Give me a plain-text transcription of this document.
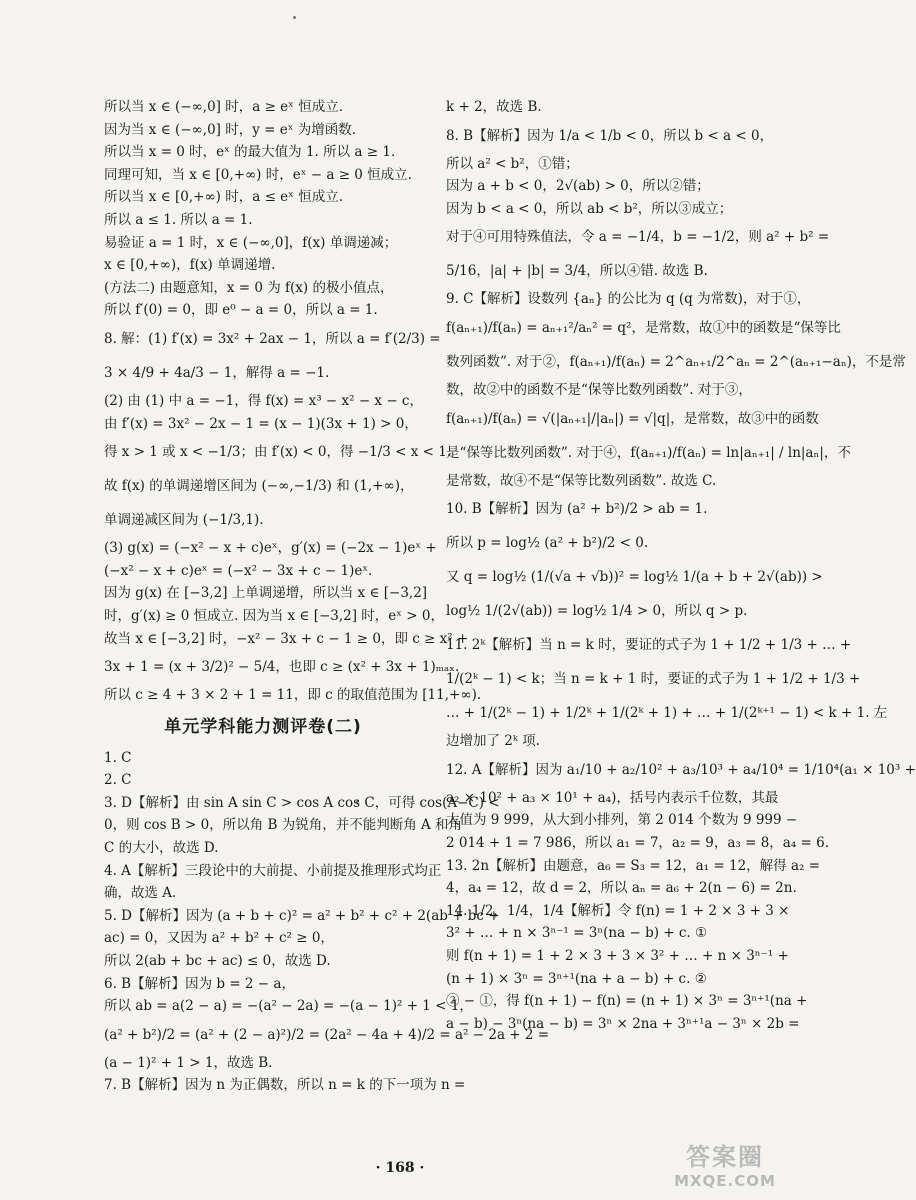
所以当 x ∈ (−∞,0] 时，a ≥ eˣ 恒成立.
因为当 x ∈ (−∞,0] 时，y = eˣ 为增函数.
所以当 x = 0 时，eˣ 的最大值为 1. 所以 a ≥ 1.
同理可知，当 x ∈ [0,+∞) 时，eˣ − a ≥ 0 恒成立.
所以当 x ∈ [0,+∞) 时，a ≤ eˣ 恒成立.
所以 a ≤ 1. 所以 a = 1.
易验证 a = 1 时，x ∈ (−∞,0]，f(x) 单调递减；
x ∈ [0,+∞)，f(x) 单调递增.
(方法二) 由题意知，x = 0 为 f(x) 的极小值点，
所以 f′(0) = 0，即 e⁰ − a = 0，所以 a = 1.
8. 解：(1) f′(x) = 3x² + 2ax − 1，所以 a = f′(2/3) =
3 × 4/9 + 4a/3 − 1，解得 a = −1.
(2) 由 (1) 中 a = −1，得 f(x) = x³ − x² − x − c，
由 f′(x) = 3x² − 2x − 1 = (x − 1)(3x + 1) > 0，
得 x > 1 或 x < −1/3；由 f′(x) < 0，得 −1/3 < x < 1.
故 f(x) 的单调递增区间为 (−∞,−1/3) 和 (1,+∞)，
单调递减区间为 (−1/3,1).
(3) g(x) = (−x² − x + c)eˣ，g′(x) = (−2x − 1)eˣ +
(−x² − x + c)eˣ = (−x² − 3x + c − 1)eˣ.
因为 g(x) 在 [−3,2] 上单调递增，所以当 x ∈ [−3,2]
时，g′(x) ≥ 0 恒成立. 因为当 x ∈ [−3,2] 时，eˣ > 0，
故当 x ∈ [−3,2] 时，−x² − 3x + c − 1 ≥ 0，即 c ≥ x² +
3x + 1 = (x + 3/2)² − 5/4，也即 c ≥ (x² + 3x + 1)ₘₐₓ.
所以 c ≥ 4 + 3 × 2 + 1 = 11，即 c 的取值范围为 [11,+∞).
单元学科能力测评卷(二)
1. C
2. C
3. D【解析】由 sin A sin C > cos A cos C，可得 cos(A−C) <
0，则 cos B > 0，所以角 B 为锐角，并不能判断角 A 和角
C 的大小，故选 D.
4. A【解析】三段论中的大前提、小前提及推理形式均正
确，故选 A.
5. D【解析】因为 (a + b + c)² = a² + b² + c² + 2(ab + bc +
ac) = 0，又因为 a² + b² + c² ≥ 0，
所以 2(ab + bc + ac) ≤ 0，故选 D.
6. B【解析】因为 b = 2 − a，
所以 ab = a(2 − a) = −(a² − 2a) = −(a − 1)² + 1 < 1，
(a² + b²)/2 = (a² + (2 − a)²)/2 = (2a² − 4a + 4)/2 = a² − 2a + 2 =
(a − 1)² + 1 > 1，故选 B.
7. B【解析】因为 n 为正偶数，所以 n = k 的下一项为 n =
k + 2，故选 B.
8. B【解析】因为 1/a < 1/b < 0，所以 b < a < 0，
所以 a² < b²，①错；
因为 a + b < 0，2√(ab) > 0，所以②错；
因为 b < a < 0，所以 ab < b²，所以③成立；
对于④可用特殊值法，令 a = −1/4，b = −1/2，则 a² + b² =
5/16，|a| + |b| = 3/4，所以④错. 故选 B.
9. C【解析】设数列 {aₙ} 的公比为 q (q 为常数)，对于①，
f(aₙ₊₁)/f(aₙ) = aₙ₊₁²/aₙ² = q²，是常数，故①中的函数是“保等比
数列函数”. 对于②，f(aₙ₊₁)/f(aₙ) = 2^aₙ₊₁/2^aₙ = 2^(aₙ₊₁−aₙ)，不是常
数，故②中的函数不是“保等比数列函数”. 对于③，
f(aₙ₊₁)/f(aₙ) = √(|aₙ₊₁|/|aₙ|) = √|q|，是常数，故③中的函数
是“保等比数列函数”. 对于④，f(aₙ₊₁)/f(aₙ) = ln|aₙ₊₁| / ln|aₙ|，不
是常数，故④不是“保等比数列函数”. 故选 C.
10. B【解析】因为 (a² + b²)/2 > ab = 1.
所以 p = log½ (a² + b²)/2 < 0.
又 q = log½ (1/(√a + √b))² = log½ 1/(a + b + 2√(ab)) >
log½ 1/(2√(ab)) = log½ 1/4 > 0，所以 q > p.
11. 2ᵏ【解析】当 n = k 时，要证的式子为 1 + 1/2 + 1/3 + … +
1/(2ᵏ − 1) < k；当 n = k + 1 时，要证的式子为 1 + 1/2 + 1/3 +
… + 1/(2ᵏ − 1) + 1/2ᵏ + 1/(2ᵏ + 1) + … + 1/(2ᵏ⁺¹ − 1) < k + 1. 左
边增加了 2ᵏ 项.
12. A【解析】因为 a₁/10 + a₂/10² + a₃/10³ + a₄/10⁴ = 1/10⁴(a₁ × 10³ +
a₂ × 10² + a₃ × 10¹ + a₄)，括号内表示千位数，其最
大值为 9 999，从大到小排列，第 2 014 个数为 9 999 −
2 014 + 1 = 7 986，所以 a₁ = 7，a₂ = 9，a₃ = 8，a₄ = 6.
13. 2n【解析】由题意，a₆ = S₃ = 12，a₁ = 12，解得 a₂ =
4，a₄ = 12，故 d = 2，所以 aₙ = a₆ + 2(n − 6) = 2n.
14. 1/2，1/4，1/4【解析】令 f(n) = 1 + 2 × 3 + 3 ×
3² + … + n × 3ⁿ⁻¹ = 3ⁿ(na − b) + c. ①
则 f(n + 1) = 1 + 2 × 3 + 3 × 3² + … + n × 3ⁿ⁻¹ +
(n + 1) × 3ⁿ = 3ⁿ⁺¹(na + a − b) + c. ②
② − ①，得 f(n + 1) − f(n) = (n + 1) × 3ⁿ = 3ⁿ⁺¹(na +
a − b) − 3ⁿ(na − b) = 3ⁿ × 2na + 3ⁿ⁺¹a − 3ⁿ × 2b =
· 168 ·	答案圈
MXQE.COM
